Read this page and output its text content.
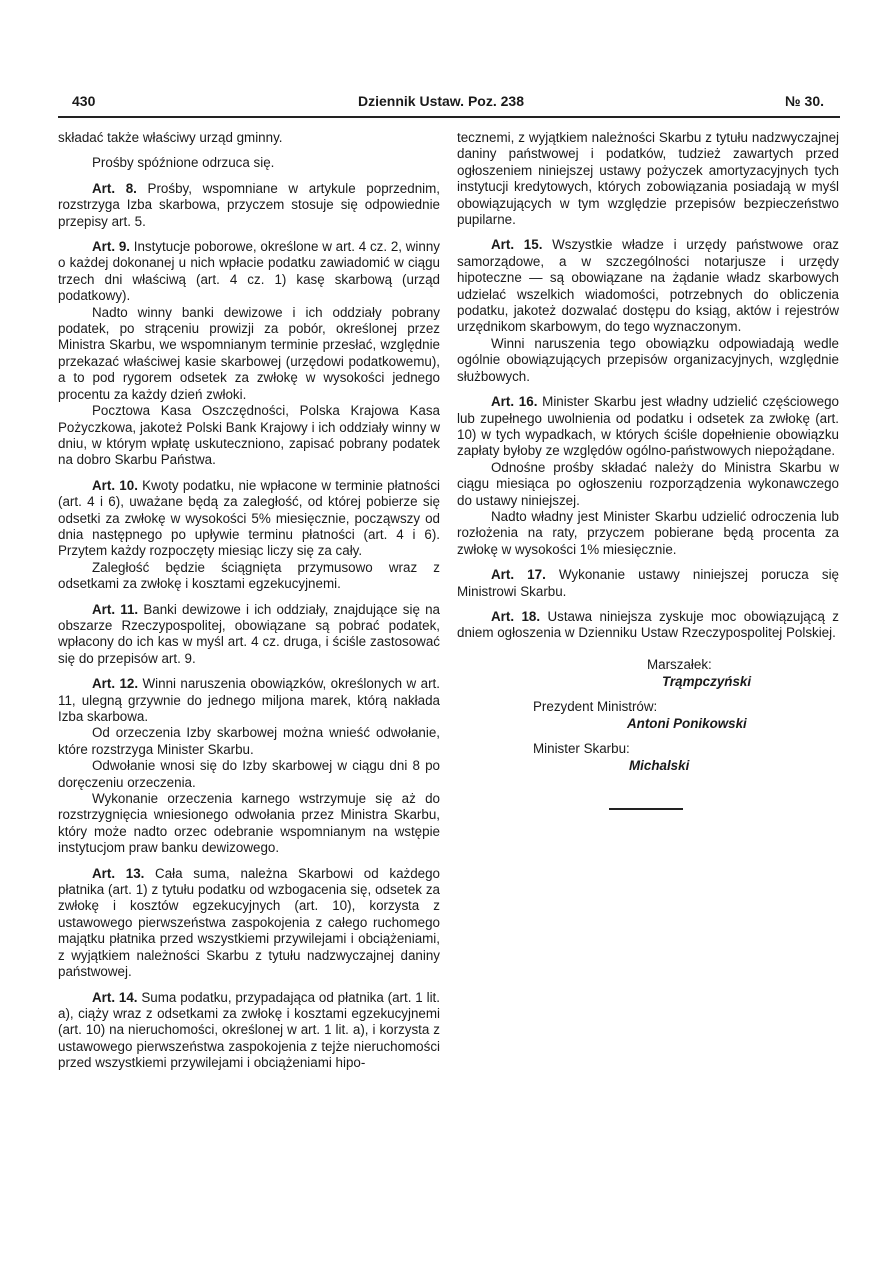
430	Dziennik Ustaw. Poz. 238	№ 30.

składać także właściwy urząd gminny.

Prośby spóźnione odrzuca się.

Art. 8. Prośby, wspomniane w artykule poprzednim, rozstrzyga Izba skarbowa, przyczem stosuje się odpowiednie przepisy art. 5.

Art. 9. Instytucje poborowe, określone w art. 4 cz. 2, winny o każdej dokonanej u nich wpłacie podatku zawiadomić w ciągu trzech dni właściwą (art. 4 cz. 1) kasę skarbową (urząd podatkowy).

Nadto winny banki dewizowe i ich oddziały pobrany podatek, po strąceniu prowizji za pobór, określonej przez Ministra Skarbu, we wspomnianym terminie przesłać, względnie przekazać właściwej kasie skarbowej (urzędowi podatkowemu), a to pod rygorem odsetek za zwłokę w wysokości jednego procentu za każdy dzień zwłoki.

Pocztowa Kasa Oszczędności, Polska Krajowa Kasa Pożyczkowa, jakoteż Polski Bank Krajowy i ich oddziały winny w dniu, w którym wpłatę uskuteczniono, zapisać pobrany podatek na dobro Skarbu Państwa.

Art. 10. Kwoty podatku, nie wpłacone w terminie płatności (art. 4 i 6), uważane będą za zaległość, od której pobierze się odsetki za zwłokę w wysokości 5% miesięcznie, począwszy od dnia następnego po upływie terminu płatności (art. 4 i 6). Przytem każdy rozpoczęty miesiąc liczy się za cały.

Zaległość będzie ściągnięta przymusowo wraz z odsetkami za zwłokę i kosztami egzekucyjnemi.

Art. 11. Banki dewizowe i ich oddziały, znajdujące się na obszarze Rzeczypospolitej, obowiązane są pobrać podatek, wpłacony do ich kas w myśl art. 4 cz. druga, i ściśle zastosować się do przepisów art. 9.

Art. 12. Winni naruszenia obowiązków, określonych w art. 11, ulegną grzywnie do jednego miljona marek, którą nakłada Izba skarbowa.

Od orzeczenia Izby skarbowej można wnieść odwołanie, które rozstrzyga Minister Skarbu.

Odwołanie wnosi się do Izby skarbowej w ciągu dni 8 po doręczeniu orzeczenia.

Wykonanie orzeczenia karnego wstrzymuje się aż do rozstrzygnięcia wniesionego odwołania przez Ministra Skarbu, który może nadto orzec odebranie wspomnianym na wstępie instytucjom praw banku dewizowego.

Art. 13. Cała suma, należna Skarbowi od każdego płatnika (art. 1) z tytułu podatku od wzbogacenia się, odsetek za zwłokę i kosztów egzekucyjnych (art. 10), korzysta z ustawowego pierwszeństwa zaspokojenia z całego ruchomego majątku płatnika przed wszystkiemi przywilejami i obciążeniami, z wyjątkiem należności Skarbu z tytułu nadzwyczajnej daniny państwowej.

Art. 14. Suma podatku, przypadająca od płatnika (art. 1 lit. a), ciąży wraz z odsetkami za zwłokę i kosztami egzekucyjnemi (art. 10) na nieruchomości, określonej w art. 1 lit. a), i korzysta z ustawowego pierwszeństwa zaspokojenia z tejże nieruchomości przed wszystkiemi przywilejami i obciążeniami hipo-

tecznemi, z wyjątkiem należności Skarbu z tytułu nadzwyczajnej daniny państwowej i podatków, tudzież zawartych przed ogłoszeniem niniejszej ustawy pożyczek amortyzacyjnych tych instytucji kredytowych, których zobowiązania posiadają w myśl obowiązujących w tym względzie przepisów bezpieczeństwo pupilarne.

Art. 15. Wszystkie władze i urzędy państwowe oraz samorządowe, a w szczególności notarjusze i urzędy hipoteczne — są obowiązane na żądanie władz skarbowych udzielać wszelkich wiadomości, potrzebnych do obliczenia podatku, jakoteż dozwalać dostępu do ksiąg, aktów i rejestrów urzędnikom skarbowym, do tego wyznaczonym.

Winni naruszenia tego obowiązku odpowiadają wedle ogólnie obowiązujących przepisów organizacyjnych, względnie służbowych.

Art. 16. Minister Skarbu jest władny udzielić częściowego lub zupełnego uwolnienia od podatku i odsetek za zwłokę (art. 10) w tych wypadkach, w których ściśle dopełnienie obowiązku zapłaty byłoby ze względów ogólno-państwowych niepożądane.

Odnośne prośby składać należy do Ministra Skarbu w ciągu miesiąca po ogłoszeniu rozporządzenia wykonawczego do ustawy niniejszej.

Nadto władny jest Minister Skarbu udzielić odroczenia lub rozłożenia na raty, przyczem pobierane będą procenta za zwłokę w wysokości 1% miesięcznie.

Art. 17. Wykonanie ustawy niniejszej porucza się Ministrowi Skarbu.

Art. 18. Ustawa niniejsza zyskuje moc obowiązującą z dniem ogłoszenia w Dzienniku Ustaw Rzeczypospolitej Polskiej.

Marszałek:
Trąmpczyński
Prezydent Ministrów:
Antoni Ponikowski
Minister Skarbu:
Michalski
